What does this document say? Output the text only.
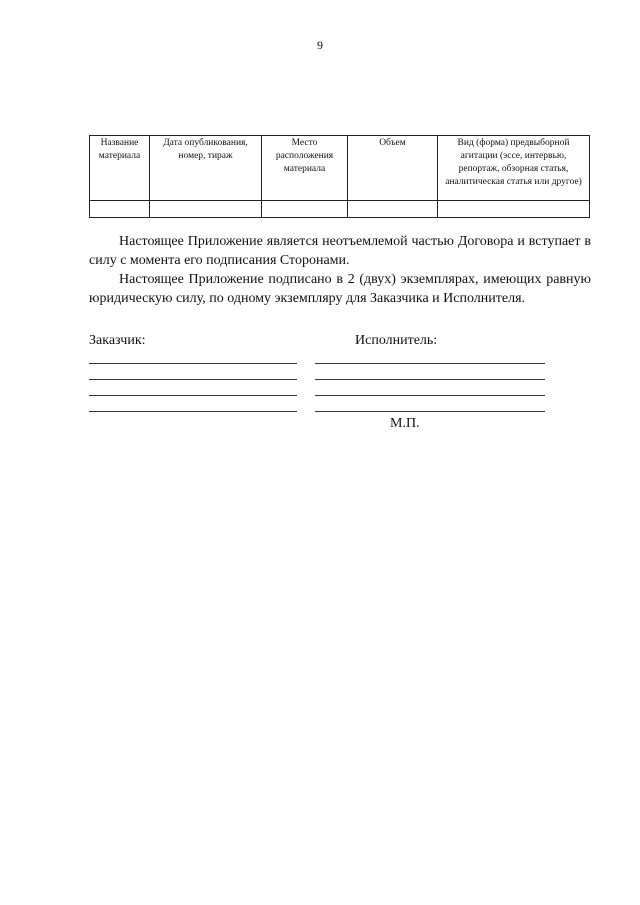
9
Название материала	Дата опубликования, номер, тираж	Место расположения материала	Объем	Вид (форма) предвыборной агитации (эссе, интервью, репортаж, обзорная статья, аналитическая статья или другое)

Настоящее Приложение является неотъемлемой частью Договора и вступает в силу с момента его подписания Сторонами.

Настоящее Приложение подписано в 2 (двух) экземплярах, имеющих равную юридическую силу, по одному экземпляру для Заказчика и Исполнителя.

Заказчик:	Исполнитель:
М.П.
